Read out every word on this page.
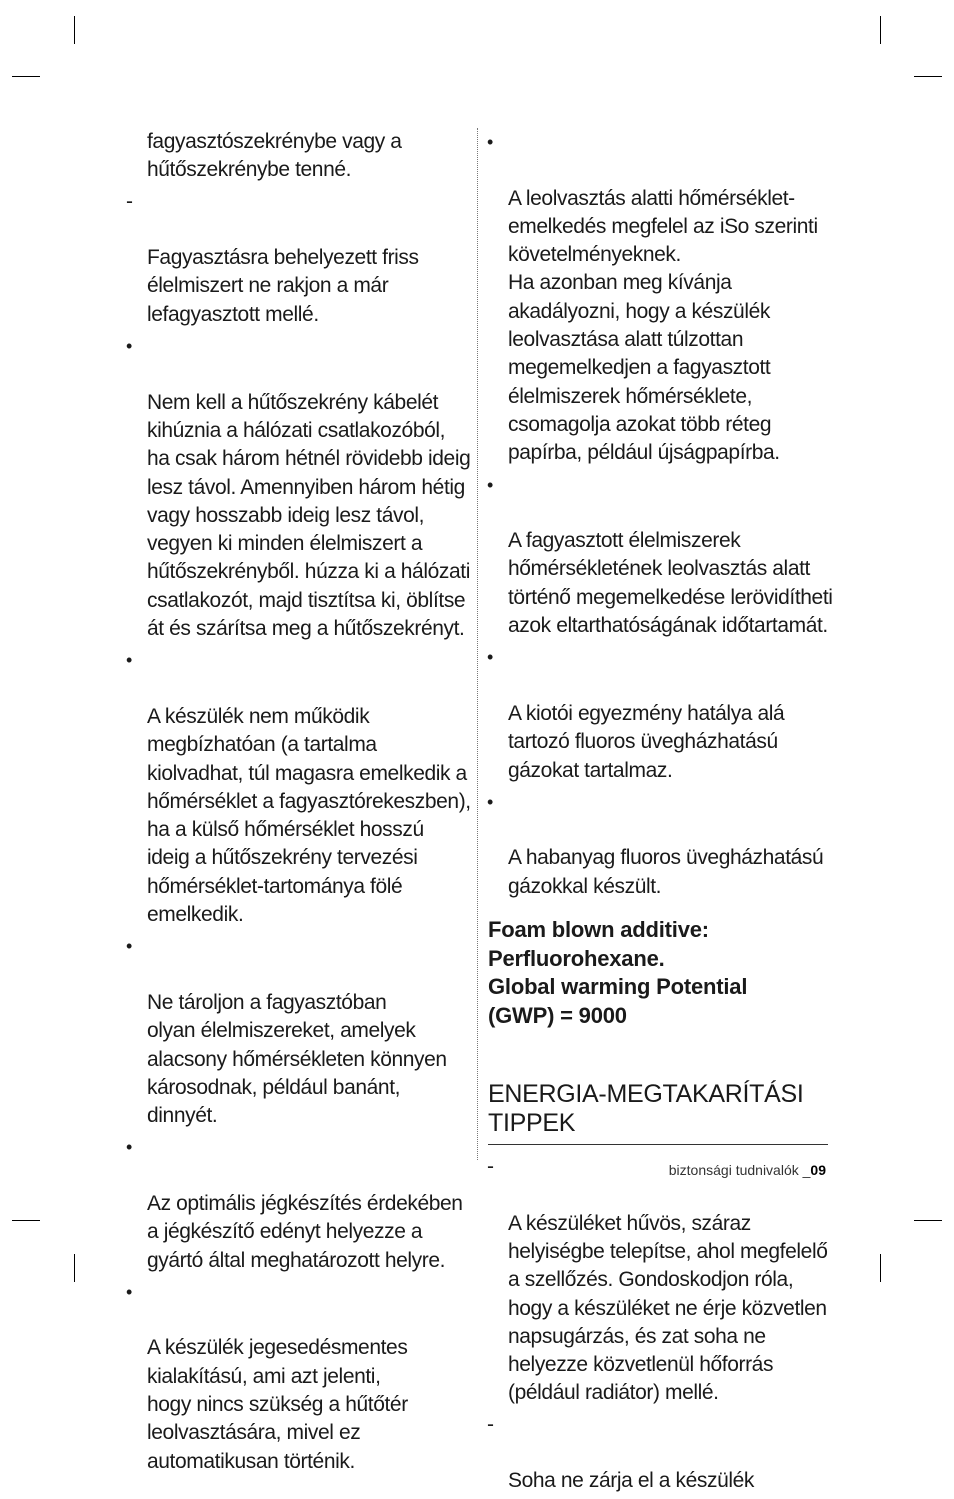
fagyasztószekrénybe vagy a
hűtőszekrénybe tenné.

-

Fagyasztásra behelyezett friss
élelmiszert ne rakjon a már
lefagyasztott mellé.

•

Nem kell a hűtőszekrény kábelét
kihúznia a hálózati csatlakozóból,
ha csak három hétnél rövidebb ideig
lesz távol. Amennyiben három hétig
vagy hosszabb ideig lesz távol,
vegyen ki minden élelmiszert a
hűtőszekrényből. húzza ki a hálózati
csatlakozót, majd tisztítsa ki, öblítse
át és szárítsa meg a hűtőszekrényt.

•

A készülék nem működik
megbízhatóan (a tartalma
kiolvadhat, túl magasra emelkedik a
hőmérséklet a fagyasztórekeszben),
ha a külső hőmérséklet hosszú
ideig a hűtőszekrény tervezési
hőmérséklet-tartománya fölé
emelkedik.

•

Ne tároljon a fagyasztóban
olyan élelmiszereket, amelyek
alacsony hőmérsékleten könnyen
károsodnak, például banánt,
dinnyét.

•

Az optimális jégkészítés érdekében
a jégkészítő edényt helyezze a
gyártó által meghatározott helyre.

•

A készülék jegesedésmentes
kialakítású, ami azt jelenti,
hogy nincs szükség a hűtőtér
leolvasztására, mivel ez
automatikusan történik.

•

A leolvasztás alatti hőmérséklet-
emelkedés megfelel az iSo szerinti
követelményeknek.
Ha azonban meg kívánja
akadályozni, hogy a készülék
leolvasztása alatt túlzottan
megemelkedjen a fagyasztott
élelmiszerek hőmérséklete,
csomagolja azokat több réteg
papírba, például újságpapírba.

•

A fagyasztott élelmiszerek
hőmérsékletének leolvasztás alatt
történő megemelkedése lerövidítheti
azok eltarthatóságának időtartamát.

•

A kiotói egyezmény hatálya alá
tartozó fluoros üvegházhatású
gázokat tartalmaz.

•

A habanyag fluoros üvegházhatású
gázokkal készült.

Foam blown additive:
Perfluorohexane.
Global warming Potential
(GWP) = 9000
ENERGIA-MEGTAKARÍTÁSI
TIPPEK

-

A készüléket hűvös, száraz
helyiségbe telepítse, ahol megfelelő
a szellőzés. Gondoskodjon róla,
hogy a készüléket ne érje közvetlen
napsugárzás, és zat soha ne
helyezze közvetlenül hőforrás
(például radiátor) mellé.

-

Soha ne zárja el a készülék

biztonsági tudnivalók _09
